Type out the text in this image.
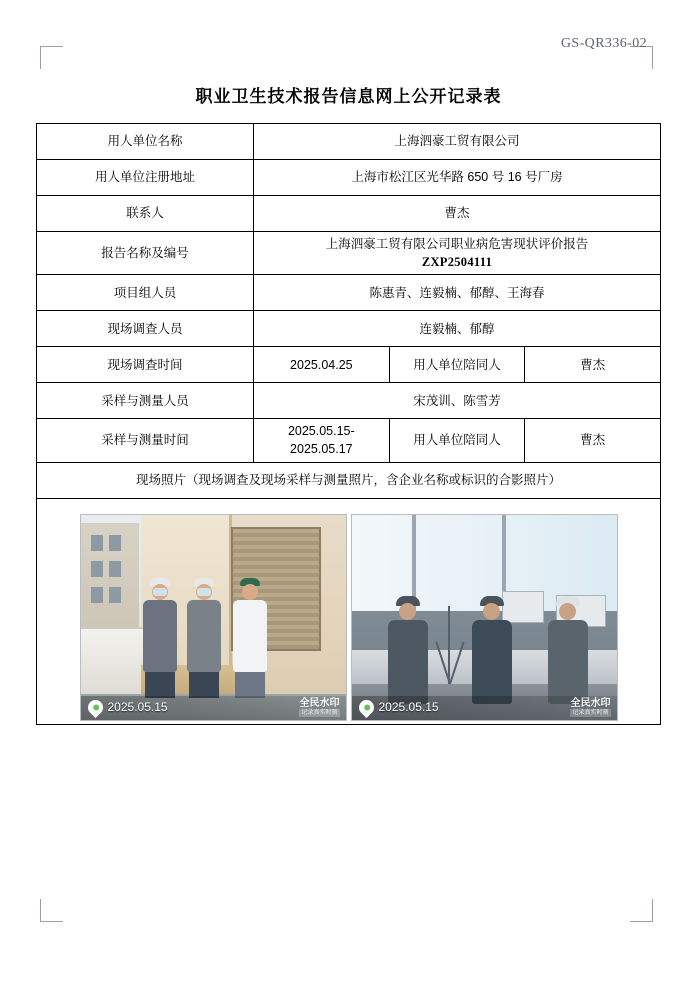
GS-QR336-02
职业卫生技术报告信息网上公开记录表
用人单位名称	上海泗豪工贸有限公司		
用人单位注册地址	上海市松江区光华路 650 号 16 号厂房		
联系人	曹杰		
报告名称及编号	上海泗豪工贸有限公司职业病危害现状评价报告
ZXP2504111		

项目组人员	陈惠青、连毅楠、郁醇、王海春		
现场调查人员	连毅楠、郁醇		
现场调查时间	2025.04.25	用人单位陪同人	曹杰
采样与测量人员	宋茂训、陈雪芳		
采样与测量时间	2025.05.15-2025.05.17	用人单位陪同人	曹杰
现场照片（现场调查及现场采样与测量照片，含企业名称或标识的合影照片）			

2025.05.15	全民水印
记录真实时刻	2025.05.15	全民水印
记录真实时刻
